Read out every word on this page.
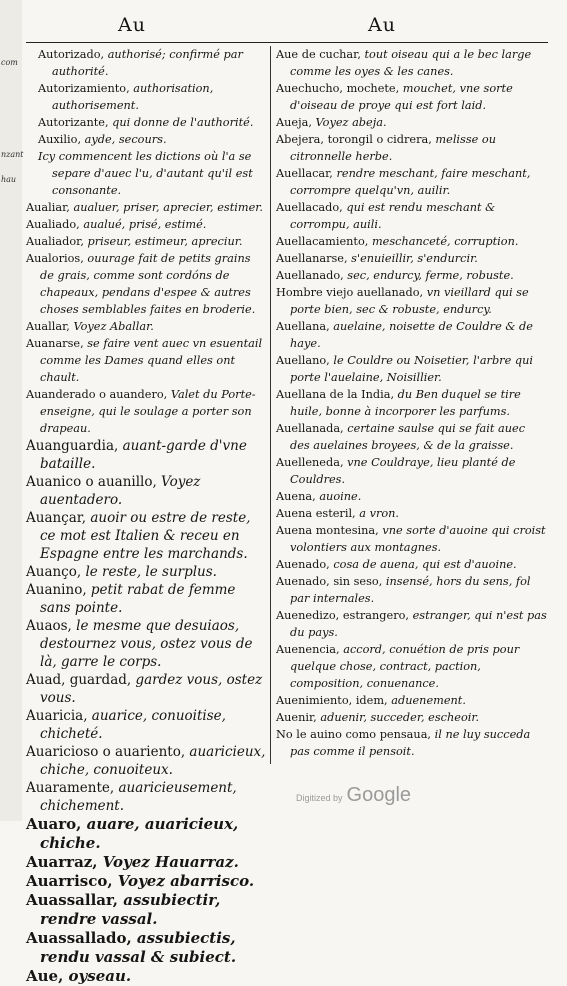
com
nzant
hau
Au	Au

Autorizado, authorisé; confirmé par authorité.

Autorizamiento, authorisation, authorisement.

Autorizante, qui donne de l'authorité.

Auxilio, ayde, secours.

Icy commencent les dictions où l'a se separe d'auec l'u, d'autant qu'il est consonante.

Aualiar, aualuer, priser, aprecier, estimer.

Aualiado, aualué, prisé, estimé.

Aualiador, priseur, estimeur, apreciur.

Aualorios, ouurage fait de petits grains de grais, comme sont cordóns de chapeaux, pendans d'espee & autres choses semblables faites en broderie.

Auallar, Voyez Aballar.

Auanarse, se faire vent auec vn esuentail comme les Dames quand elles ont chault.

Auanderado o auandero, Valet du Porte-enseigne, qui le soulage a porter son drapeau.

Auanguardia, auant-garde d'vne bataille.

Auanico o auanillo, Voyez auentadero.

Auançar, auoir ou estre de reste, ce mot est Italien & receu en Espagne entre les marchands.

Auanço, le reste, le surplus.

Auanino, petit rabat de femme sans pointe.

Auaos, le mesme que desuiaos, destournez vous, ostez vous de là, garre le corps.

Auad, guardad, gardez vous, ostez vous.

Auaricia, auarice, conuoitise, chicheté.

Auaricioso o auariento, auaricieux, chiche, conuoiteux.

Auaramente, auaricieusement, chichement.

Auaro, auare, auaricieux, chiche.

Auarraz, Voyez Hauarraz.

Auarrisco, Voyez abarrisco.

Auassallar, assubiectir, rendre vassal.

Auassallado, assubiectis, rendu vassal & subiect.

Aue, oyseau.

Aue de cuchar, tout oiseau qui a le bec large comme les oyes & les canes.

Auechucho, mochete, mouchet, vne sorte d'oiseau de proye qui est fort laid.

Aueja, Voyez abeja.

Abejera, torongil o cidrera, melisse ou citronnelle herbe.

Auellacar, rendre meschant, faire meschant, corrompre quelqu'vn, auilir.

Auellacado, qui est rendu meschant & corrompu, auili.

Auellacamiento, meschanceté, corruption.

Auellanarse, s'enuieillir, s'endurcir.

Auellanado, sec, endurcy, ferme, robuste.

Hombre viejo auellanado, vn vieillard qui se porte bien, sec & robuste, endurcy.

Auellana, auelaine, noisette de Couldre & de haye.

Auellano, le Couldre ou Noisetier, l'arbre qui porte l'auelaine, Noisillier.

Auellana de la India, du Ben duquel se tire huile, bonne à incorporer les parfums.

Auellanada, certaine saulse qui se fait auec des auelaines broyees, & de la graisse.

Auelleneda, vne Couldraye, lieu planté de Couldres.

Auena, auoine.

Auena esteril, a vron.

Auena montesina, vne sorte d'auoine qui croist volontiers aux montagnes.

Auenado, cosa de auena, qui est d'auoine.

Auenado, sin seso, insensé, hors du sens, fol par internales.

Auenedizo, estrangero, estranger, qui n'est pas du pays.

Auenencia, accord, conuétion de pris pour quelque chose, contract, paction, composition, conuenance.

Auenimiento, idem, aduenement.

Auenir, aduenir, succeder, escheoir.

No le auino como pensaua, il ne luy succeda pas comme il pensoit.

Digitized by Google
